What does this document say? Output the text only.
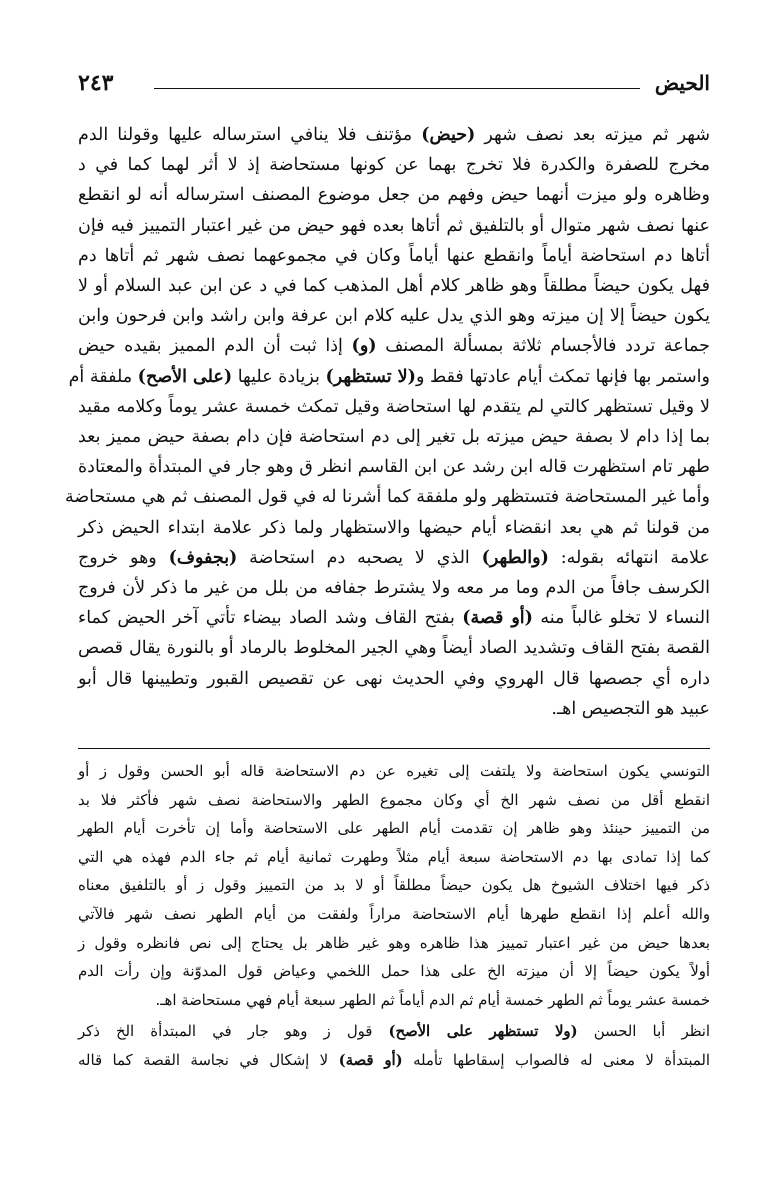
٢٤٣	الحيض
شهر ثم ميزته بعد نصف شهر (حيض) مؤتنف فلا ينافي استرساله عليها وقولنا الدم
مخرج للصفرة والكدرة فلا تخرج بهما عن كونها مستحاضة إذ لا أثر لهما كما في د
وظاهره ولو ميزت أنهما حيض وفهم من جعل موضوع المصنف استرساله أنه لو انقطع
عنها نصف شهر متوال أو بالتلفيق ثم أتاها بعده فهو حيض من غير اعتبار التمييز فيه فإن
أتاها دم استحاضة أياماً وانقطع عنها أياماً وكان في مجموعهما نصف شهر ثم أتاها دم
فهل يكون حيضاً مطلقاً وهو ظاهر كلام أهل المذهب كما في د عن ابن عبد السلام أو لا
يكون حيضاً إلا إن ميزته وهو الذي يدل عليه كلام ابن عرفة وابن راشد وابن فرحون وابن
جماعة تردد فالأجسام ثلاثة بمسألة المصنف (و) إذا ثبت أن الدم المميز بقيده حيض
واستمر بها فإنها تمكث أيام عادتها فقط و(لا تستظهر) بزيادة عليها (على الأصح) ملفقة أم
لا وقيل تستظهر كالتي لم يتقدم لها استحاضة وقيل تمكث خمسة عشر يوماً وكلامه مقيد
بما إذا دام لا بصفة حيض ميزته بل تغير إلى دم استحاضة فإن دام بصفة حيض مميز بعد
طهر تام استظهرت قاله ابن رشد عن ابن القاسم انظر ق وهو جار في المبتدأة والمعتادة
وأما غير المستحاضة فتستظهر ولو ملفقة كما أشرنا له في قول المصنف ثم هي مستحاضة
من قولنا ثم هي بعد انقضاء أيام حيضها والاستظهار ولما ذكر علامة ابتداء الحيض ذكر
علامة انتهائه بقوله: (والطهر) الذي لا يصحبه دم استحاضة (بجفوف) وهو خروج
الكرسف جافاً من الدم وما مر معه ولا يشترط جفافه من بلل من غير ما ذكر لأن فروج
النساء لا تخلو غالباً منه (أو قصة) بفتح القاف وشد الصاد بيضاء تأتي آخر الحيض كماء
القصة بفتح القاف وتشديد الصاد أيضاً وهي الجير المخلوط بالرماد أو بالنورة يقال قصص
داره أي جصصها قال الهروي وفي الحديث نهى عن تقصيص القبور وتطيينها قال أبو
عبيد هو التجصيص اهـ.
التونسي يكون استحاضة ولا يلتفت إلى تغيره عن دم الاستحاضة قاله أبو الحسن وقول ز أو
انقطع أقل من نصف شهر الخ أي وكان مجموع الطهر والاستحاضة نصف شهر فأكثر فلا بد
من التمييز حينئذ وهو ظاهر إن تقدمت أيام الطهر على الاستحاضة وأما إن تأخرت أيام الطهر
كما إذا تمادى بها دم الاستحاضة سبعة أيام مثلاً وطهرت ثمانية أيام ثم جاء الدم فهذه هي التي
ذكر فيها اختلاف الشيوخ هل يكون حيضاً مطلقاً أو لا بد من التمييز وقول ز أو بالتلفيق معناه
والله أعلم إذا انقطع طهرها أيام الاستحاضة مراراً ولفقت من أيام الطهر نصف شهر فالآتي
بعدها حيض من غير اعتبار تمييز هذا ظاهره وهو غير ظاهر بل يحتاج إلى نص فانظره وقول ز
أولاً يكون حيضاً إلا أن ميزته الخ على هذا حمل اللخمي وعياض قول المدوّنة وإن رأت الدم
خمسة عشر يوماً ثم الطهر خمسة أيام ثم الدم أياماً ثم الطهر سبعة أيام فهي مستحاضة اهـ.
انظر أبا الحسن (ولا تستظهر على الأصح) قول ز وهو جار في المبتدأة الخ ذكر
المبتدأة لا معنى له فالصواب إسقاطها تأمله (أو قصة) لا إشكال في نجاسة القصة كما قاله
